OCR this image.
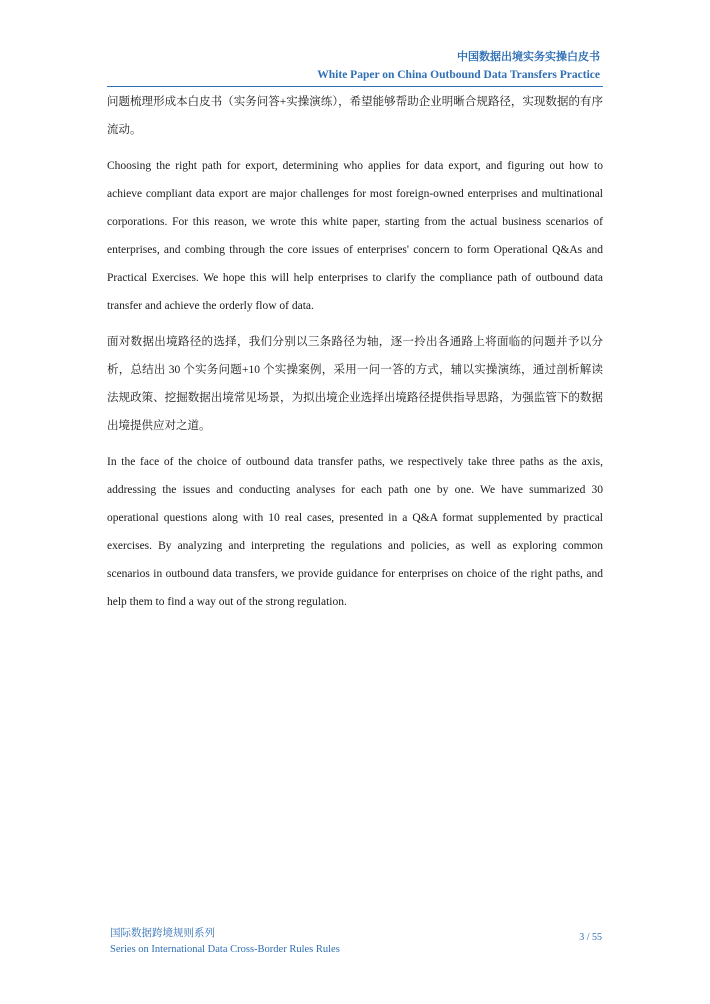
中国数据出境实务实操白皮书
White Paper on China Outbound Data Transfers Practice

问题梳理形成本白皮书（实务问答+实操演练），希望能够帮助企业明晰合规路径，实现数据的有序流动。

Choosing the right path for export, determining who applies for data export, and figuring out how to achieve compliant data export are major challenges for most foreign-owned enterprises and multinational corporations. For this reason, we wrote this white paper, starting from the actual business scenarios of enterprises, and combing through the core issues of enterprises' concern to form Operational Q&As and Practical Exercises. We hope this will help enterprises to clarify the compliance path of outbound data transfer and achieve the orderly flow of data.

面对数据出境路径的选择，我们分别以三条路径为轴，逐一拎出各通路上将面临的问题并予以分析，总结出 30 个实务问题+10 个实操案例，采用一问一答的方式，辅以实操演练，通过剖析解读法规政策、挖掘数据出境常见场景，为拟出境企业选择出境路径提供指导思路，为强监管下的数据出境提供应对之道。

In the face of the choice of outbound data transfer paths, we respectively take three paths as the axis, addressing the issues and conducting analyses for each path one by one. We have summarized 30 operational questions along with 10 real cases, presented in a Q&A format supplemented by practical exercises. By analyzing and interpreting the regulations and policies, as well as exploring common scenarios in outbound data transfers, we provide guidance for enterprises on choice of the right paths, and help them to find a way out of the strong regulation.

国际数据跨境规则系列
Series on International Data Cross-Border Rules Rules
3 / 55
